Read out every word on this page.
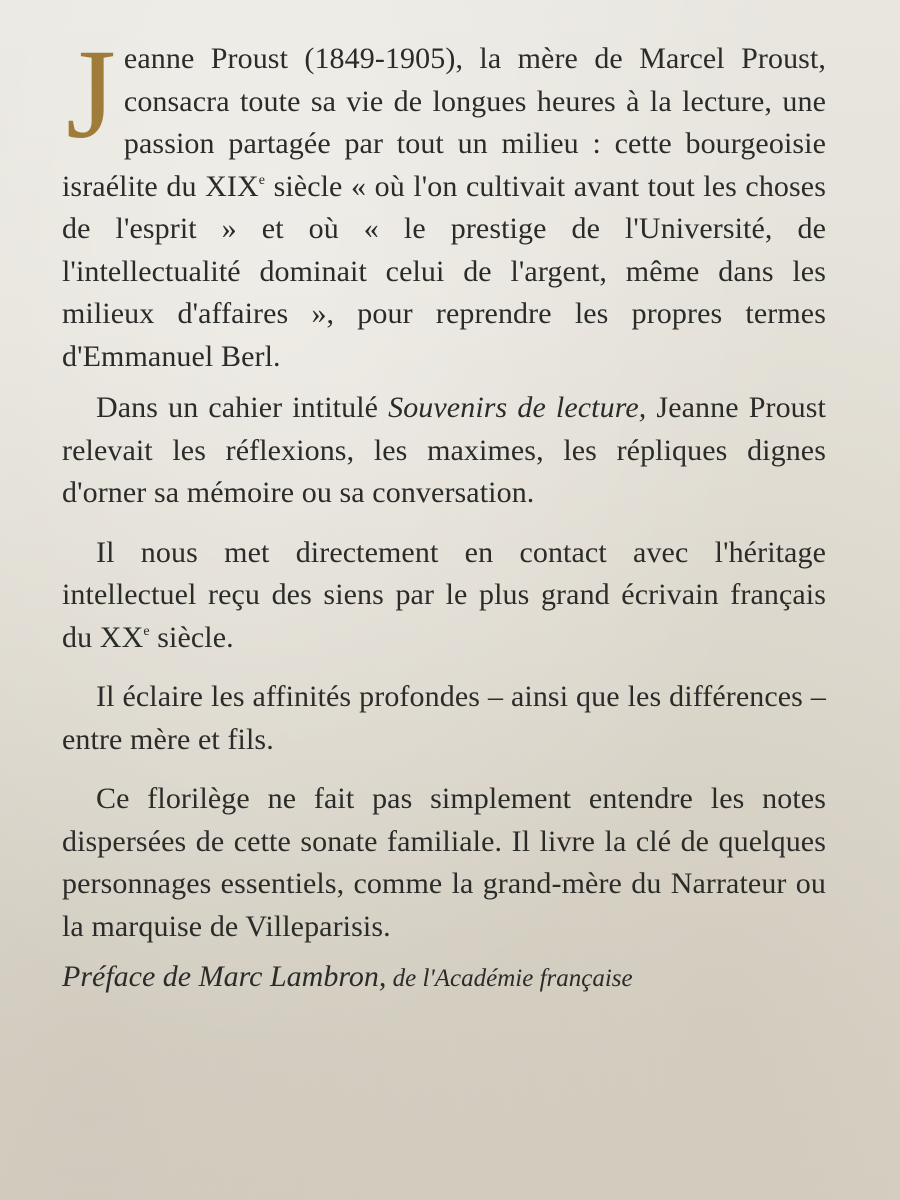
Jeanne Proust (1849-1905), la mère de Marcel Proust, consacra toute sa vie de longues heures à la lecture, une passion partagée par tout un milieu : cette bourgeoisie israélite du XIXe siècle « où l'on cultivait avant tout les choses de l'esprit » et où « le prestige de l'Université, de l'intellectualité dominait celui de l'argent, même dans les milieux d'affaires », pour reprendre les propres termes d'Emmanuel Berl.

Dans un cahier intitulé Souvenirs de lecture, Jeanne Proust relevait les réflexions, les maximes, les répliques dignes d'orner sa mémoire ou sa conversation.

Il nous met directement en contact avec l'héritage intellectuel reçu des siens par le plus grand écrivain français du XXe siècle.

Il éclaire les affinités profondes – ainsi que les différences – entre mère et fils.

Ce florilège ne fait pas simplement entendre les notes dispersées de cette sonate familiale. Il livre la clé de quelques personnages essentiels, comme la grand-mère du Narrateur ou la marquise de Villeparisis.

Préface de Marc Lambron, de l'Académie française
